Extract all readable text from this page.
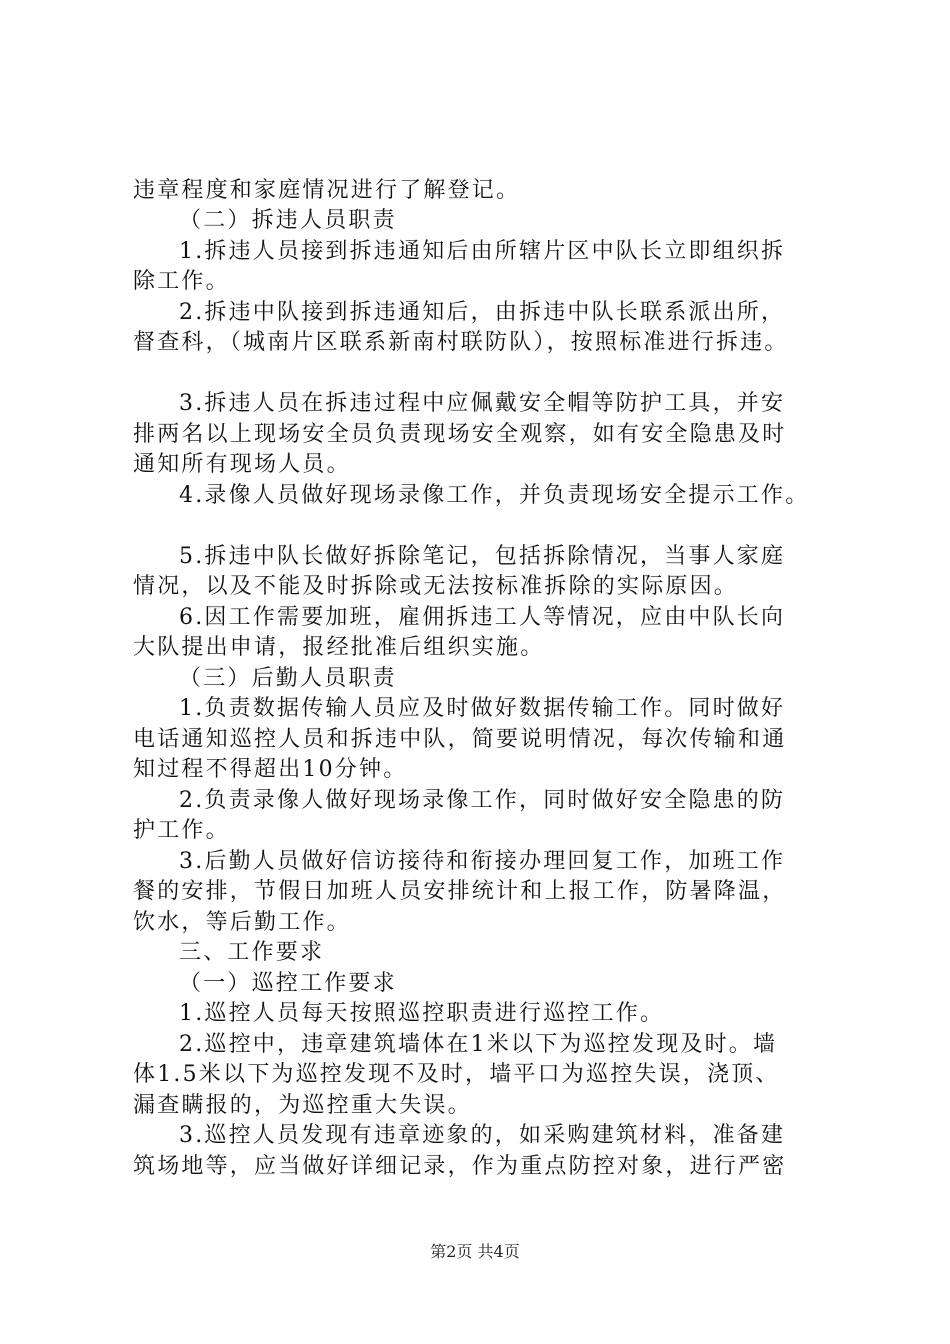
违章程度和家庭情况进行了解登记。
（二）拆违人员职责
1.拆违人员接到拆违通知后由所辖片区中队长立即组织拆
除工作。
2.拆违中队接到拆违通知后，由拆违中队长联系派出所，
督查科，（城南片区联系新南村联防队），按照标准进行拆违。
3.拆违人员在拆违过程中应佩戴安全帽等防护工具，并安
排两名以上现场安全员负责现场安全观察，如有安全隐患及时
通知所有现场人员。
4.录像人员做好现场录像工作，并负责现场安全提示工作。
5.拆违中队长做好拆除笔记，包括拆除情况，当事人家庭
情况，以及不能及时拆除或无法按标准拆除的实际原因。
6.因工作需要加班，雇佣拆违工人等情况，应由中队长向
大队提出申请，报经批准后组织实施。
（三）后勤人员职责
1.负责数据传输人员应及时做好数据传输工作。同时做好
电话通知巡控人员和拆违中队，简要说明情况，每次传输和通
知过程不得超出10分钟。
2.负责录像人做好现场录像工作，同时做好安全隐患的防
护工作。
3.后勤人员做好信访接待和衔接办理回复工作，加班工作
餐的安排，节假日加班人员安排统计和上报工作，防暑降温，
饮水，等后勤工作。
三、工作要求
（一）巡控工作要求
1.巡控人员每天按照巡控职责进行巡控工作。
2.巡控中，违章建筑墙体在1米以下为巡控发现及时。墙
体1.5米以下为巡控发现不及时，墙平口为巡控失误，浇顶、
漏查瞒报的，为巡控重大失误。
3.巡控人员发现有违章迹象的，如采购建筑材料，准备建
筑场地等，应当做好详细记录，作为重点防控对象，进行严密
第2页 共4页
